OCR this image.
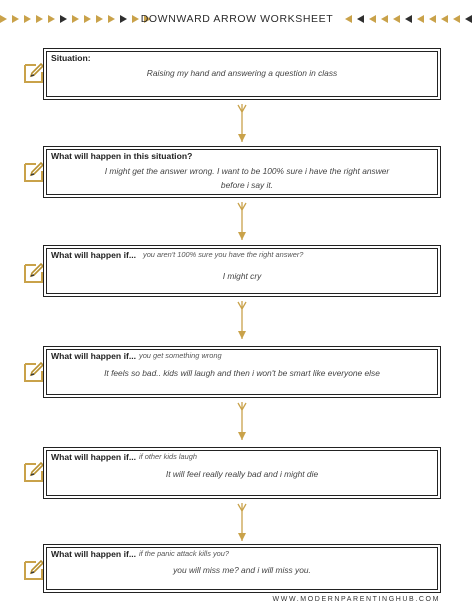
DOWNWARD ARROW WORKSHEET
Situation:
Raising my hand and answering a question in class
What will happen in this situation?
I might get the answer wrong. I want to be 100% sure i have the right answer before i say it.
What will happen if... you aren't 100% sure you have the right answer?
I might cry
What will happen if... you get something wrong
It feels so bad.. kids will laugh and then i won't be smart like everyone else
What will happen if... if other kids laugh
It will feel really really bad and i might die
What will happen if... if the panic attack kills you?
you will miss me? and i will miss you.
WWW.MODERNPARENTINGHUB.COM
